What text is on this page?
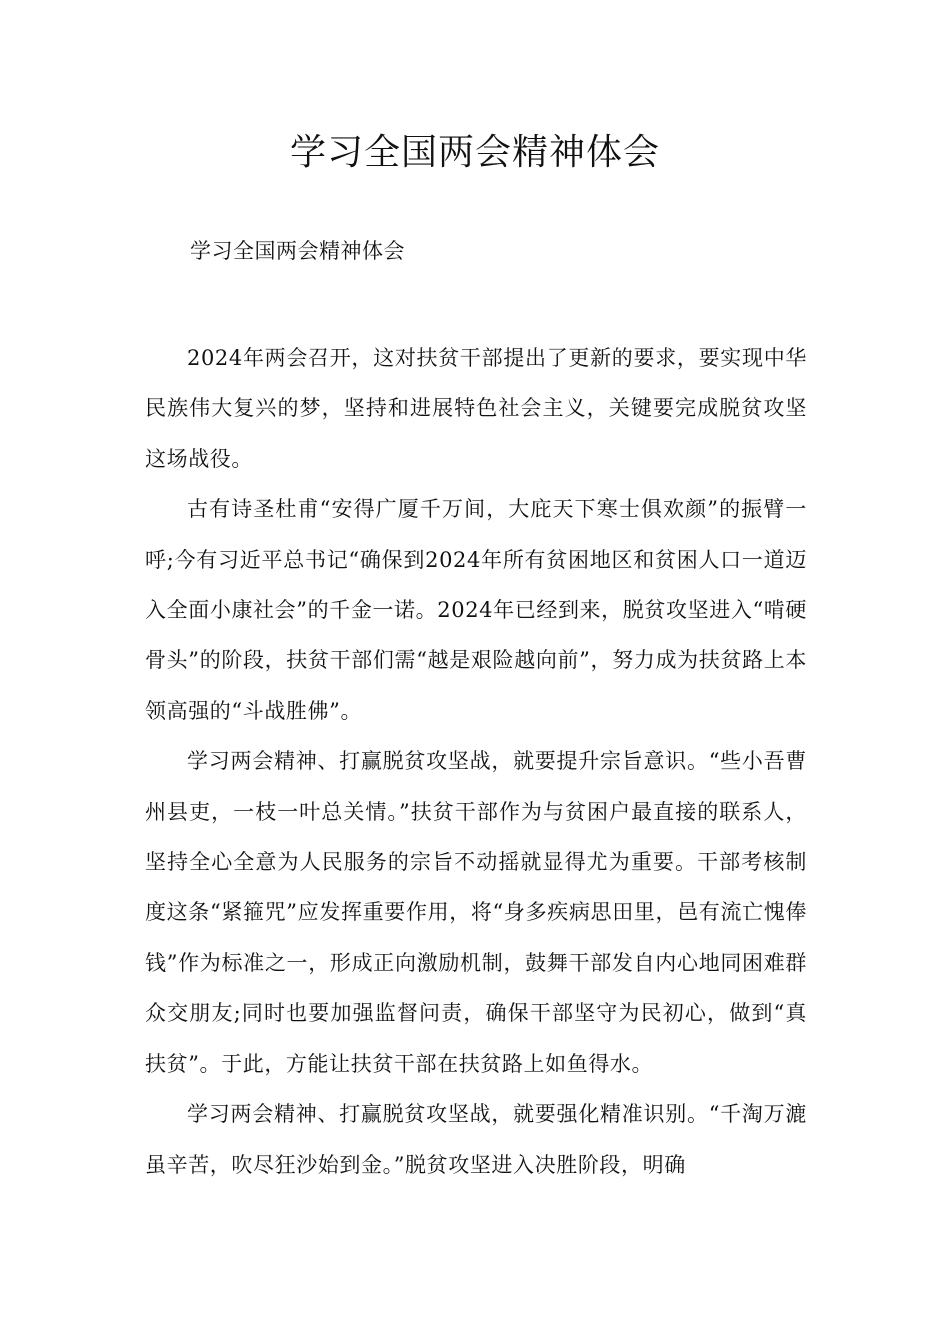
学习全国两会精神体会

学习全国两会精神体会

2024年两会召开，这对扶贫干部提出了更新的要求，要实现中华民族伟大复兴的梦，坚持和进展特色社会主义，关键要完成脱贫攻坚这场战役。

古有诗圣杜甫“安得广厦千万间，大庇天下寒士俱欢颜”的振臂一呼;今有习近平总书记“确保到2024年所有贫困地区和贫困人口一道迈入全面小康社会”的千金一诺。2024年已经到来，脱贫攻坚进入“啃硬骨头”的阶段，扶贫干部们需“越是艰险越向前”，努力成为扶贫路上本领高强的“斗战胜佛”。

学习两会精神、打赢脱贫攻坚战，就要提升宗旨意识。“些小吾曹州县吏，一枝一叶总关情。”扶贫干部作为与贫困户最直接的联系人，坚持全心全意为人民服务的宗旨不动摇就显得尤为重要。干部考核制度这条“紧箍咒”应发挥重要作用，将“身多疾病思田里，邑有流亡愧俸钱”作为标准之一，形成正向激励机制，鼓舞干部发自内心地同困难群众交朋友;同时也要加强监督问责，确保干部坚守为民初心，做到“真扶贫”。于此，方能让扶贫干部在扶贫路上如鱼得水。

学习两会精神、打赢脱贫攻坚战，就要强化精准识别。“千淘万漉虽辛苦，吹尽狂沙始到金。”脱贫攻坚进入决胜阶段，明确
